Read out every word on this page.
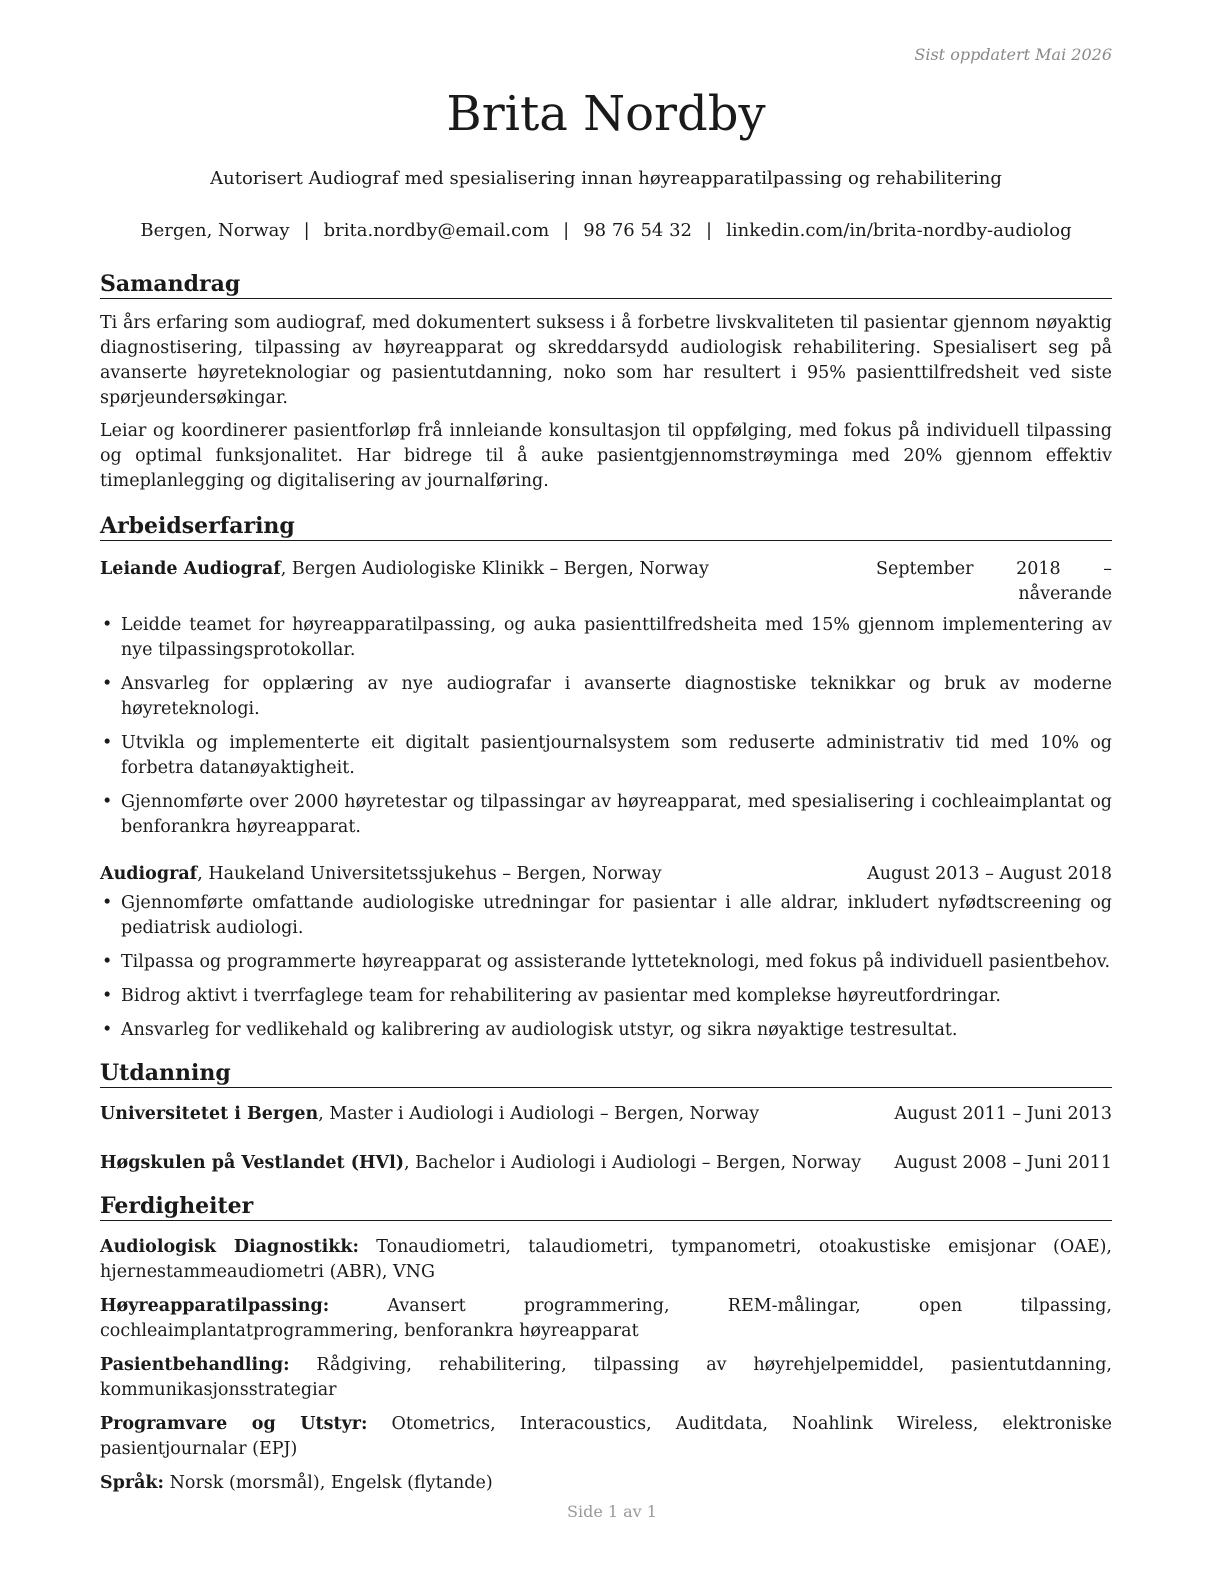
Sist oppdatert Mai 2026
Brita Nordby
Autorisert Audiograf med spesialisering innan høyreapparatilpassing og rehabilitering
Bergen, Norway | brita.nordby@email.com | 98 76 54 32 | linkedin.com/in/brita-nordby-audiolog
Samandrag

Ti års erfaring som audiograf, med dokumentert suksess i å forbetre livskvaliteten til pasientar gjennom nøyaktig diagnostisering, tilpassing av høyreapparat og skreddarsydd audiologisk rehabilitering. Spesialisert seg på avanserte høyreteknologiar og pasientutdanning, noko som har resultert i 95% pasienttilfredsheit ved siste spørjeundersøkingar.

Leiar og koordinerer pasientforløp frå innleiande konsultasjon til oppfølging, med fokus på individuell tilpassing og optimal funksjonalitet. Har bidrege til å auke pasientgjennomstrøyminga med 20% gjennom effektiv timeplanlegging og digitalisering av journalføring.

Arbeidserfaring
Leiande Audiograf, Bergen Audiologiske Klinikk – Bergen, Norway	September 2018 – nåverande
• Leidde teamet for høyreapparatilpassing, og auka pasienttilfredsheita med 15% gjennom implementering av nye tilpassingsprotokollar.
• Ansvarleg for opplæring av nye audiografar i avanserte diagnostiske teknikkar og bruk av moderne høyreteknologi.
• Utvikla og implementerte eit digitalt pasientjournalsystem som reduserte administrativ tid med 10% og forbetra datanøyaktigheit.
• Gjennomførte over 2000 høyretestar og tilpassingar av høyreapparat, med spesialisering i cochleaimplantat og benforankra høyreapparat.
Audiograf, Haukeland Universitetssjukehus – Bergen, Norway	August 2013 – August 2018
• Gjennomførte omfattande audiologiske utredningar for pasientar i alle aldrar, inkludert nyfødtscreening og pediatrisk audiologi.
• Tilpassa og programmerte høyreapparat og assisterande lytteteknologi, med fokus på individuell pasientbehov.
• Bidrog aktivt i tverrfaglege team for rehabilitering av pasientar med komplekse høyreutfordringar.
• Ansvarleg for vedlikehald og kalibrering av audiologisk utstyr, og sikra nøyaktige testresultat.
Utdanning
Universitetet i Bergen, Master i Audiologi i Audiologi – Bergen, Norway	August 2011 – Juni 2013
Høgskulen på Vestlandet (HVl), Bachelor i Audiologi i Audiologi – Bergen, Norway August 2008 – Juni 2011
Ferdigheiter
Audiologisk Diagnostikk: Tonaudiometri, talaudiometri, tympanometri, otoakustiske emisjonar (OAE), hjernestammeaudiometri (ABR), VNG
Høyreapparatilpassing: Avansert programmering, REM-målingar, open tilpassing, cochleaimplantatprogrammering, benforankra høyreapparat
Pasientbehandling: Rådgiving, rehabilitering, tilpassing av høyrehjelpemiddel, pasientutdanning, kommunikasjonsstrategiar
Programvare og Utstyr: Otometrics, Interacoustics, Auditdata, Noahlink Wireless, elektroniske pasientjournalar (EPJ)
Språk: Norsk (morsmål), Engelsk (flytande)
Side 1 av 1
